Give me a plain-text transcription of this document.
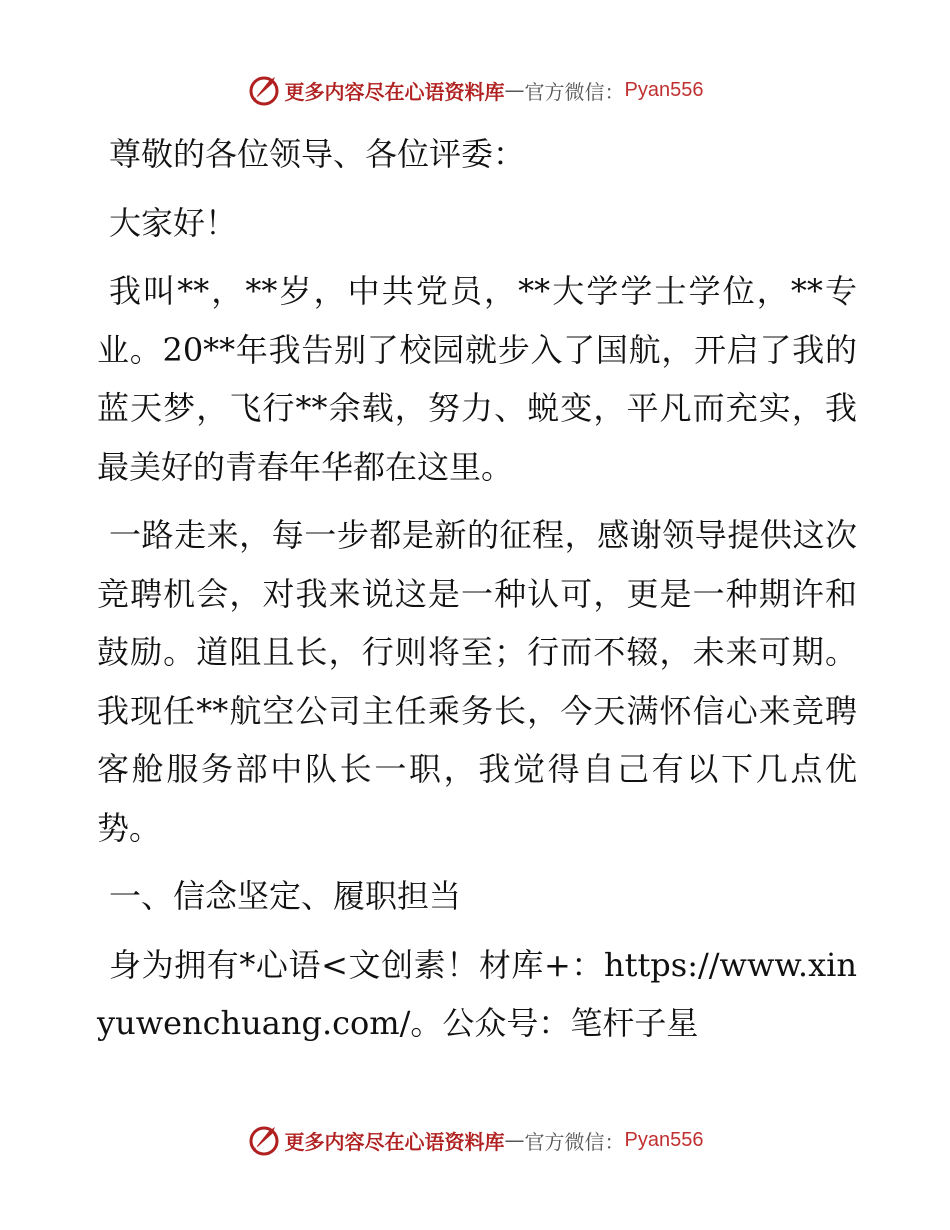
更多内容尽在心语资料库 — 官方微信： Pyan556

尊敬的各位领导、各位评委：

大家好！

我叫**，**岁，中共党员，**大学学士学位，**专业。20**年我告别了校园就步入了国航，开启了我的蓝天梦，飞行**余载，努力、蜕变，平凡而充实，我最美好的青春年华都在这里。

一路走来，每一步都是新的征程，感谢领导提供这次竞聘机会，对我来说这是一种认可，更是一种期许和鼓励。道阻且长，行则将至；行而不辍，未来可期。我现任**航空公司主任乘务长，今天满怀信心来竞聘客舱服务部中队长一职，我觉得自己有以下几点优势。

一、信念坚定、履职担当

身为拥有*心语<文创素！材库+：https://www.xinyuwenchuang.com/。公众号：笔杆子星

更多内容尽在心语资料库 — 官方微信： Pyan556
